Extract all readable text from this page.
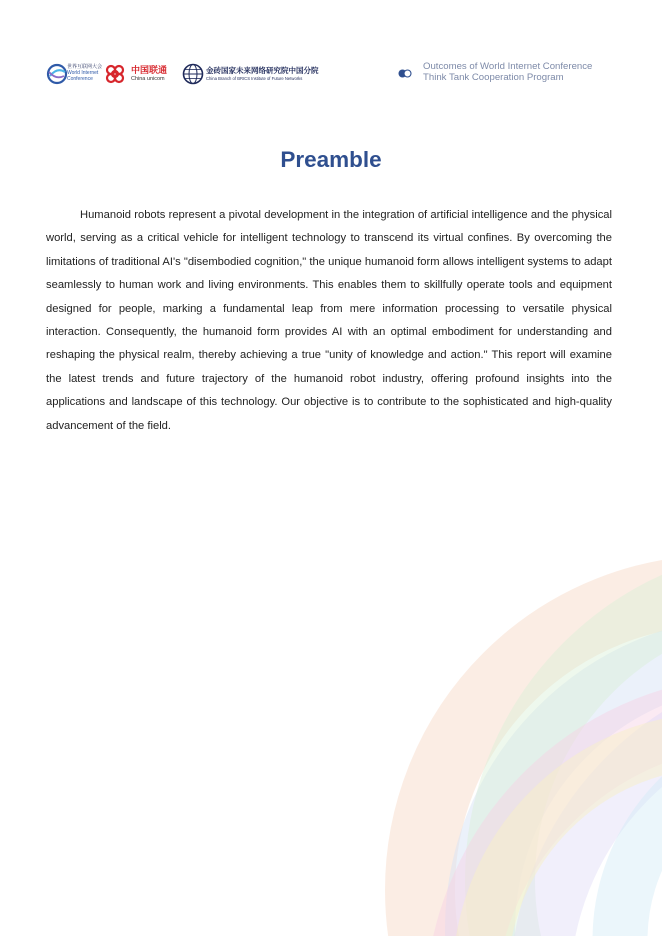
世界互联网大会
World Internet
Conference
中国联通
China unicom
金砖国家未来网络研究院中国分院
China Branch of BRICS Institute of Future Networks
Outcomes of World Internet Conference
Think Tank Cooperation Program
Preamble

Humanoid robots represent a pivotal development in the integration of artificial intelligence and the physical world, serving as a critical vehicle for intelligent technology to transcend its virtual confines. By overcoming the limitations of traditional AI's "disembodied cognition," the unique humanoid form allows intelligent systems to adapt seamlessly to human work and living environments. This enables them to skillfully operate tools and equipment designed for people, marking a fundamental leap from mere information processing to versatile physical interaction. Consequently, the humanoid form provides AI with an optimal embodiment for understanding and reshaping the physical realm, thereby achieving a true "unity of knowledge and action." This report will examine the latest trends and future trajectory of the humanoid robot industry, offering profound insights into the applications and landscape of this technology. Our objective is to contribute to the sophisticated and high-quality advancement of the field.
